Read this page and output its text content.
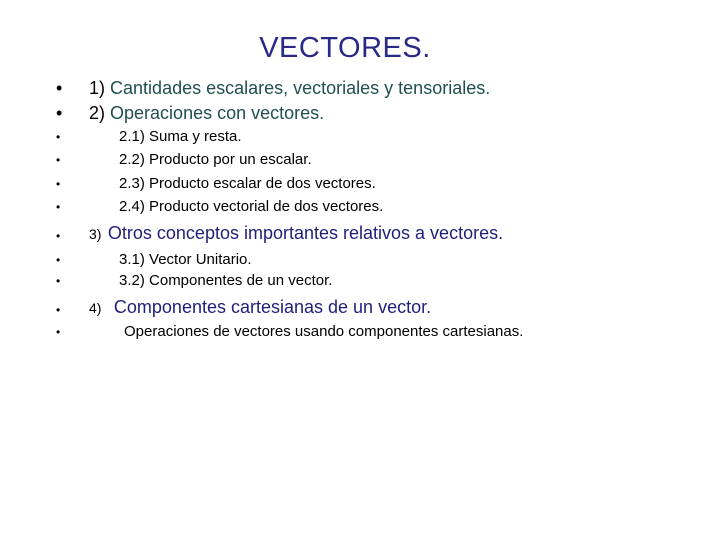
VECTORES.
• 1) Cantidades escalares, vectoriales y tensoriales.
• 2) Operaciones con vectores.
•	2.1) Suma y resta.
•	2.2) Producto por un escalar.
•	2.3) Producto escalar de dos vectores.
•	2.4) Producto vectorial de dos vectores.
• 3) Otros conceptos importantes relativos a vectores.
•	3.1) Vector Unitario.
•	3.2) Componentes de un vector.
• 4) Componentes cartesianas de un vector.
•	Operaciones de vectores usando componentes cartesianas.
